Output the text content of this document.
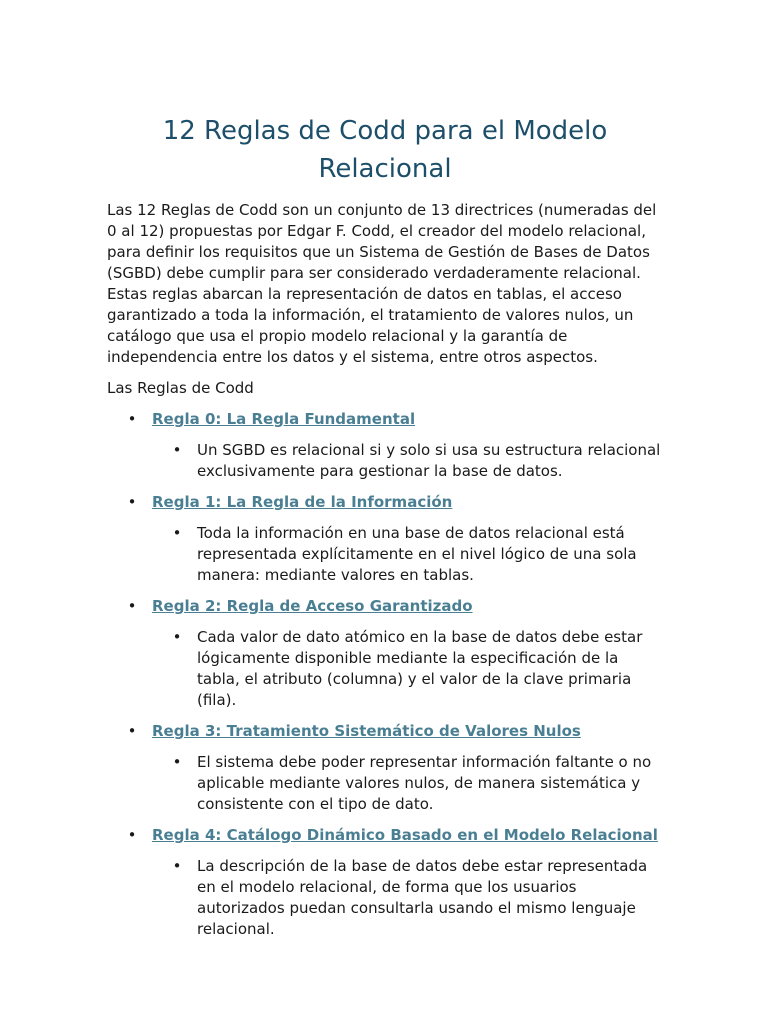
12 Reglas de Codd para el Modelo Relacional

Las 12 Reglas de Codd son un conjunto de 13 directrices (numeradas del 0 al 12) propuestas por Edgar F. Codd, el creador del modelo relacional, para definir los requisitos que un Sistema de Gestión de Bases de Datos (SGBD) debe cumplir para ser considerado verdaderamente relacional. Estas reglas abarcan la representación de datos en tablas, el acceso garantizado a toda la información, el tratamiento de valores nulos, un catálogo que usa el propio modelo relacional y la garantía de independencia entre los datos y el sistema, entre otros aspectos.

Las Reglas de Codd

• Regla 0: La Regla Fundamental
• Un SGBD es relacional si y solo si usa su estructura relacional exclusivamente para gestionar la base de datos.
• Regla 1: La Regla de la Información
• Toda la información en una base de datos relacional está representada explícitamente en el nivel lógico de una sola manera: mediante valores en tablas.
• Regla 2: Regla de Acceso Garantizado
• Cada valor de dato atómico en la base de datos debe estar lógicamente disponible mediante la especificación de la tabla, el atributo (columna) y el valor de la clave primaria (fila).
• Regla 3: Tratamiento Sistemático de Valores Nulos
• El sistema debe poder representar información faltante o no aplicable mediante valores nulos, de manera sistemática y consistente con el tipo de dato.
• Regla 4: Catálogo Dinámico Basado en el Modelo Relacional
• La descripción de la base de datos debe estar representada en el modelo relacional, de forma que los usuarios autorizados puedan consultarla usando el mismo lenguaje relacional.
